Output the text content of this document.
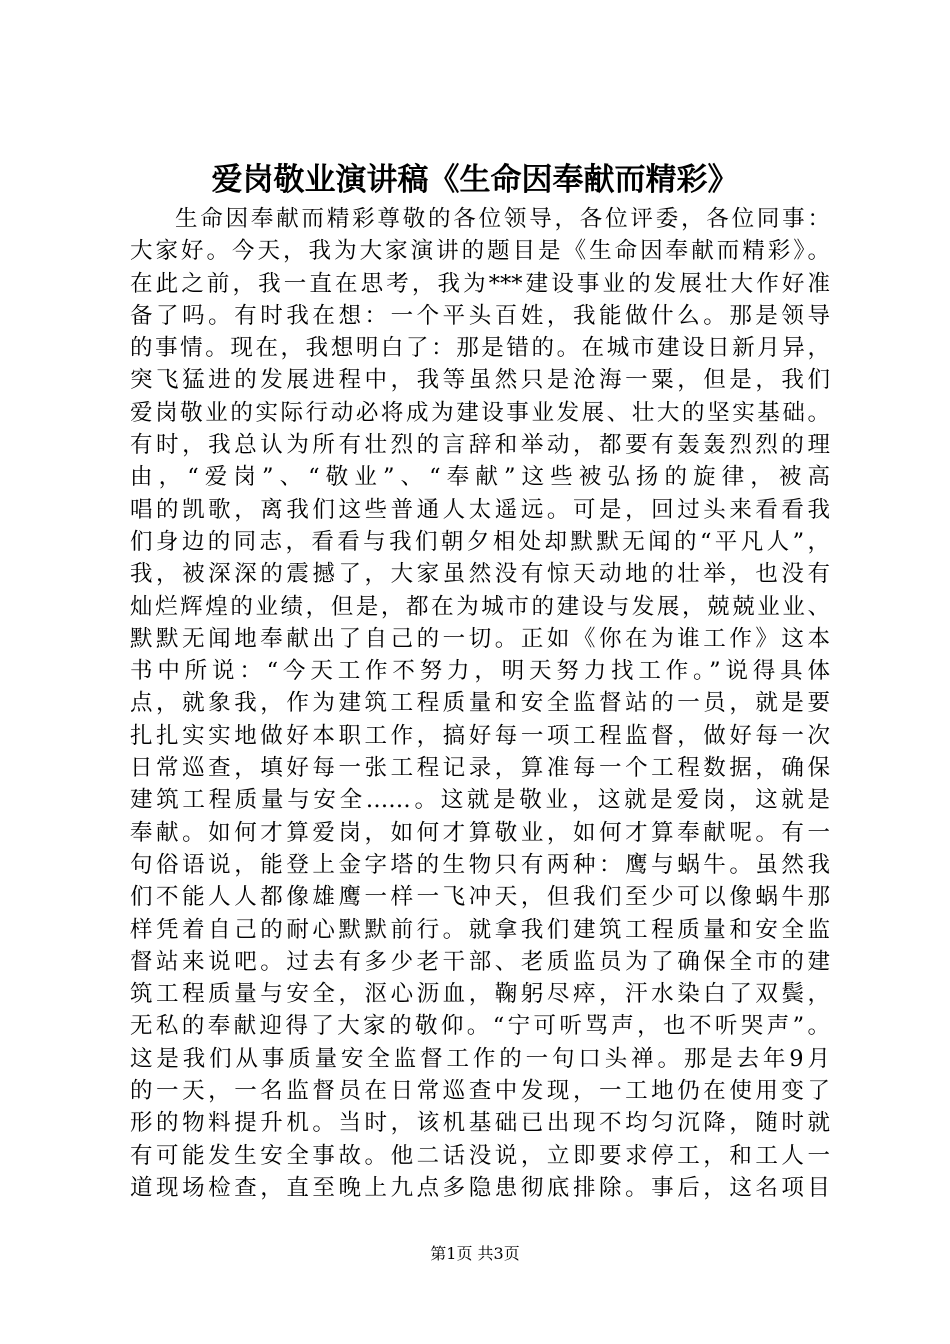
爱岗敬业演讲稿《生命因奉献而精彩》
生命因奉献而精彩尊敬的各位领导，各位评委，各位同事：
大家好。今天，我为大家演讲的题目是《生命因奉献而精彩》。
在此之前，我一直在思考，我为***建设事业的发展壮大作好准
备了吗。有时我在想：一个平头百姓，我能做什么。那是领导
的事情。现在，我想明白了：那是错的。在城市建设日新月异，
突飞猛进的发展进程中，我等虽然只是沧海一粟，但是，我们
爱岗敬业的实际行动必将成为建设事业发展、壮大的坚实基础。
有时，我总认为所有壮烈的言辞和举动，都要有轰轰烈烈的理
由，“爱岗”、“敬业”、“奉献”这些被弘扬的旋律，被高
唱的凯歌，离我们这些普通人太遥远。可是，回过头来看看我
们身边的同志，看看与我们朝夕相处却默默无闻的“平凡人”，
我，被深深的震撼了，大家虽然没有惊天动地的壮举，也没有
灿烂辉煌的业绩，但是，都在为城市的建设与发展，兢兢业业、
默默无闻地奉献出了自己的一切。正如《你在为谁工作》这本
书中所说：“今天工作不努力，明天努力找工作。”说得具体
点，就象我，作为建筑工程质量和安全监督站的一员，就是要
扎扎实实地做好本职工作，搞好每一项工程监督，做好每一次
日常巡查，填好每一张工程记录，算准每一个工程数据，确保
建筑工程质量与安全……。这就是敬业，这就是爱岗，这就是
奉献。如何才算爱岗，如何才算敬业，如何才算奉献呢。有一
句俗语说，能登上金字塔的生物只有两种：鹰与蜗牛。虽然我
们不能人人都像雄鹰一样一飞冲天，但我们至少可以像蜗牛那
样凭着自己的耐心默默前行。就拿我们建筑工程质量和安全监
督站来说吧。过去有多少老干部、老质监员为了确保全市的建
筑工程质量与安全，沤心沥血，鞠躬尽瘁，汗水染白了双鬓，
无私的奉献迎得了大家的敬仰。“宁可听骂声，也不听哭声”。
这是我们从事质量安全监督工作的一句口头禅。那是去年9月
的一天，一名监督员在日常巡查中发现，一工地仍在使用变了
形的物料提升机。当时，该机基础已出现不均匀沉降，随时就
有可能发生安全事故。他二话没说，立即要求停工，和工人一
道现场检查，直至晚上九点多隐患彻底排除。事后，这名项目
第1页 共3页
